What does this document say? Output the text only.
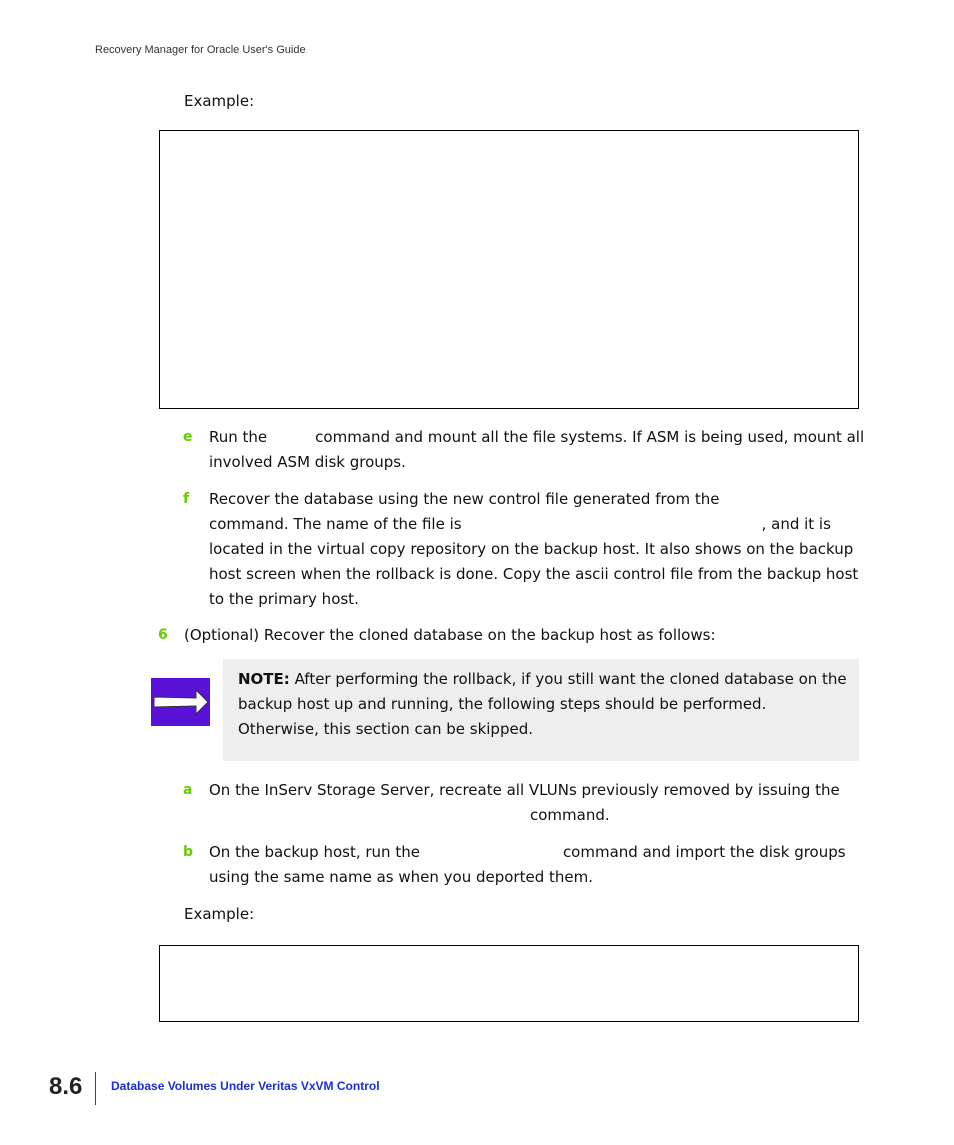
Recovery Manager for Oracle User's Guide
Example:
e Run the	command and mount all the file systems. If ASM is being used, mount all
involved ASM disk groups.
f Recover the database using the new control file generated from the
command. The name of the file is	, and it is
located in the virtual copy repository on the backup host. It also shows on the backup
host screen when the rollback is done. Copy the ascii control file from the backup host
to the primary host.
6 (Optional) Recover the cloned database on the backup host as follows:
NOTE: After performing the rollback, if you still want the cloned database on the
backup host up and running, the following steps should be performed.
Otherwise, this section can be skipped.
a On the InServ Storage Server, recreate all VLUNs previously removed by issuing the
command.
b On the backup host, run the	command and import the disk groups
using the same name as when you deported them.
Example:
8.6 Database Volumes Under Veritas VxVM Control
